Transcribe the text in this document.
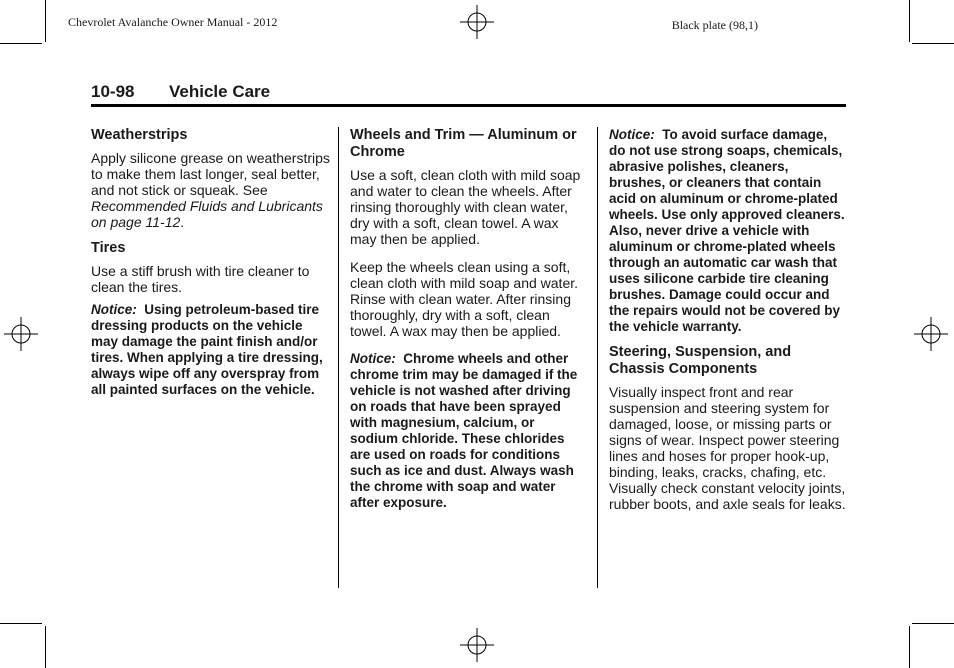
Chevrolet Avalanche Owner Manual - 2012	Black plate (98,1)
10-98 Vehicle Care
Weatherstrips

Apply silicone grease on weatherstrips to make them last longer, seal better, and not stick or squeak. See Recommended Fluids and Lubricants on page 11-12.

Tires

Use a stiff brush with tire cleaner to clean the tires.

Notice: Using petroleum-based tire dressing products on the vehicle may damage the paint finish and/or tires. When applying a tire dressing, always wipe off any overspray from all painted surfaces on the vehicle.

Wheels and Trim — Aluminum or Chrome

Use a soft, clean cloth with mild soap and water to clean the wheels. After rinsing thoroughly with clean water, dry with a soft, clean towel. A wax may then be applied.

Keep the wheels clean using a soft, clean cloth with mild soap and water. Rinse with clean water. After rinsing thoroughly, dry with a soft, clean towel. A wax may then be applied.

Notice: Chrome wheels and other chrome trim may be damaged if the vehicle is not washed after driving on roads that have been sprayed with magnesium, calcium, or sodium chloride. These chlorides are used on roads for conditions such as ice and dust. Always wash the chrome with soap and water after exposure.

Notice: To avoid surface damage, do not use strong soaps, chemicals, abrasive polishes, cleaners, brushes, or cleaners that contain acid on aluminum or chrome-plated wheels. Use only approved cleaners. Also, never drive a vehicle with aluminum or chrome-plated wheels through an automatic car wash that uses silicone carbide tire cleaning brushes. Damage could occur and the repairs would not be covered by the vehicle warranty.

Steering, Suspension, and Chassis Components

Visually inspect front and rear suspension and steering system for damaged, loose, or missing parts or signs of wear. Inspect power steering lines and hoses for proper hook-up, binding, leaks, cracks, chafing, etc. Visually check constant velocity joints, rubber boots, and axle seals for leaks.
